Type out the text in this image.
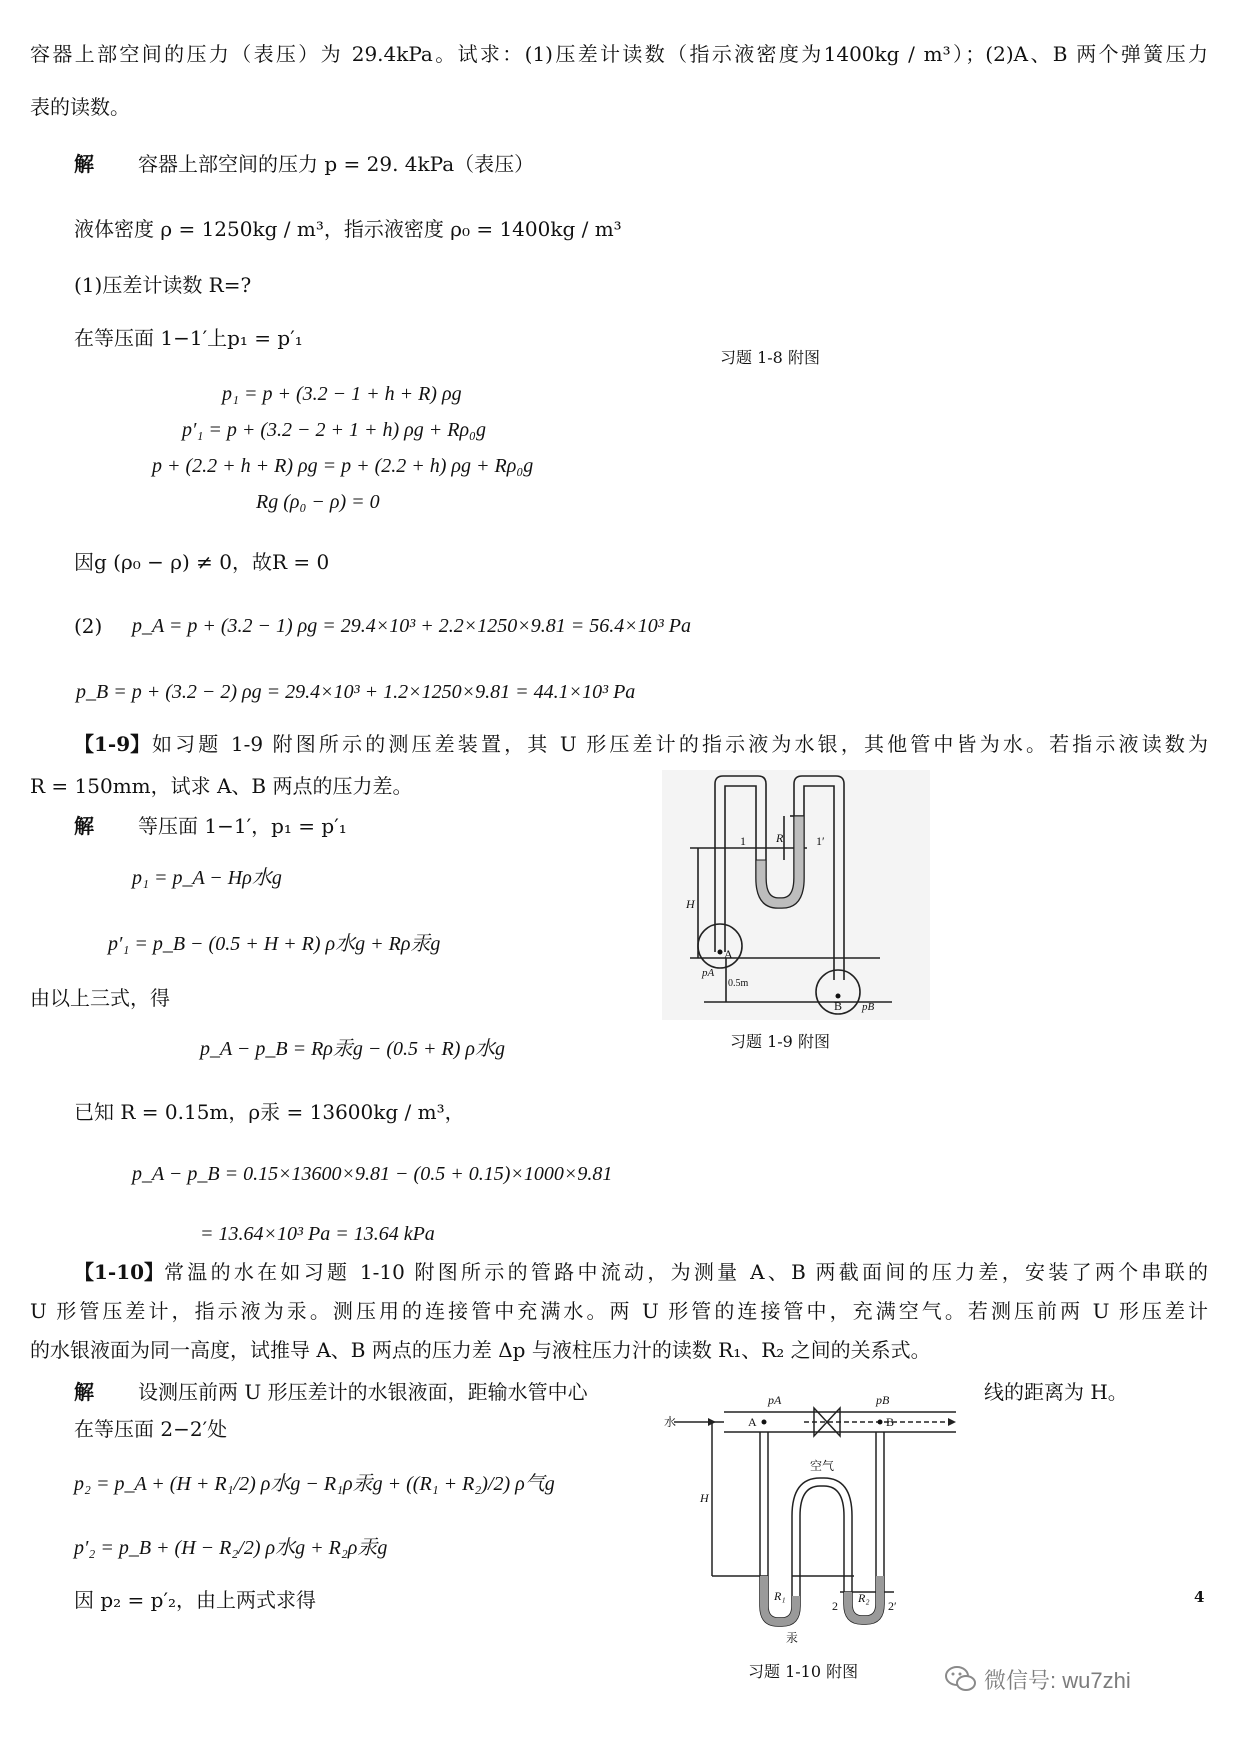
容器上部空间的压力（表压）为 29.4kPa。试求：(1)压差计读数（指示液密度为1400kg / m³）；(2)A、B 两个弹簧压力
表的读数。
解 容器上部空间的压力 p = 29. 4kPa（表压）
液体密度 ρ = 1250kg / m³，指示液密度 ρ₀ = 1400kg / m³
(1)压差计读数 R=?
在等压面 1−1′上p₁ = p′₁
习题 1-8 附图
p₁ = p + (3.2 − 1 + h + R) ρg
p′₁ = p + (3.2 − 2 + 1 + h) ρg + Rρ₀g
p + (2.2 + h + R) ρg = p + (2.2 + h) ρg + Rρ₀g
Rg (ρ₀ − ρ) = 0
因g (ρ₀ − ρ) ≠ 0，故R = 0
(2) p_A = p + (3.2 − 1) ρg = 29.4×10³ + 2.2×1250×9.81 = 56.4×10³ Pa
p_B = p + (3.2 − 2) ρg = 29.4×10³ + 1.2×1250×9.81 = 44.1×10³ Pa
【1-9】 如习题 1-9 附图所示的测压差装置，其 U 形压差计的指示液为水银，其他管中皆为水。若指示液读数为
R = 150mm，试求 A、B 两点的压力差。
解 等压面 1−1′，p₁ = p′₁
p₁ = p_A − Hρ水g
p′₁ = p_B − (0.5 + H + R) ρ水g + Rρ汞g
由以上三式，得
p_A − p_B = Rρ汞g − (0.5 + R) ρ水g
已知 R = 0.15m，ρ汞 = 13600kg / m³，
p_A − p_B = 0.15×13600×9.81 − (0.5 + 0.15)×1000×9.81
= 13.64×10³ Pa = 13.64 kPa
1	1′
R
H
0.5m
A
B
pA
pB
习题 1-9 附图
【1-10】 常温的水在如习题 1-10 附图所示的管路中流动，为测量 A、B 两截面间的压力差，安装了两个串联的
U 形管压差计，指示液为汞。测压用的连接管中充满水。两 U 形管的连接管中，充满空气。若测压前两 U 形压差计
的水银液面为同一高度，试推导 A、B 两点的压力差 Δp 与液柱压力汁的读数 R₁、R₂ 之间的关系式。
解 设测压前两 U 形压差计的水银液面，距输水管中心	线的距离为 H。
在等压面 2−2′处
p₂ = p_A + (H + R₁/2) ρ水g − R₁ρ汞g + ((R₁ + R₂)/2) ρ气g
p′₂ = p_B + (H − R₂/2) ρ水g + R₂ρ汞g
因 p₂ = p′₂，由上两式求得
水
pA	pB
A	B
H
空气
R₁	R₂
2	2′
汞
习题 1-10 附图
4
微信号: wu7zhi
